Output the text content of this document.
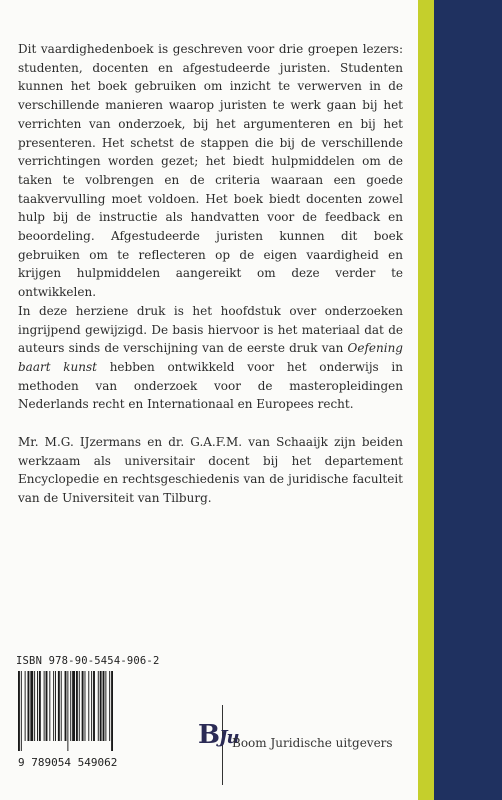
Dit vaardighedenboek is geschreven voor drie groepen lezers: studenten, docenten en afgestudeerde juristen. Studenten kunnen het boek gebruiken om inzicht te verwerven in de verschillende manieren waarop juristen te werk gaan bij het verrichten van onderzoek, bij het argumenteren en bij het presenteren. Het schetst de stappen die bij de verschillende verrichtingen worden gezet; het biedt hulpmiddelen om de taken te volbrengen en de criteria waaraan een goede taakvervulling moet voldoen. Het boek biedt docenten zowel hulp bij de instructie als handvatten voor de feedback en beoordeling. Afgestudeerde juristen kunnen dit boek gebruiken om te reflecteren op de eigen vaardigheid en krijgen hulpmiddelen aangereikt om deze verder te ontwikkelen.

In deze herziene druk is het hoofdstuk over onderzoeken ingrijpend gewijzigd. De basis hiervoor is het materiaal dat de auteurs sinds de verschijning van de eerste druk van Oefening baart kunst hebben ontwikkeld voor het onderwijs in methoden van onderzoek voor de masteropleidingen Nederlands recht en Internationaal en Europees recht.

Mr. M.G. IJzermans en dr. G.A.F.M. van Schaaijk zijn beiden werkzaam als universitair docent bij het departement Encyclopedie en rechtsgeschiedenis van de juridische faculteit van de Universiteit van Tilburg.

ISBN 978-90-5454-906-2
9 789054 549062
BJu
Boom Juridische uitgevers
